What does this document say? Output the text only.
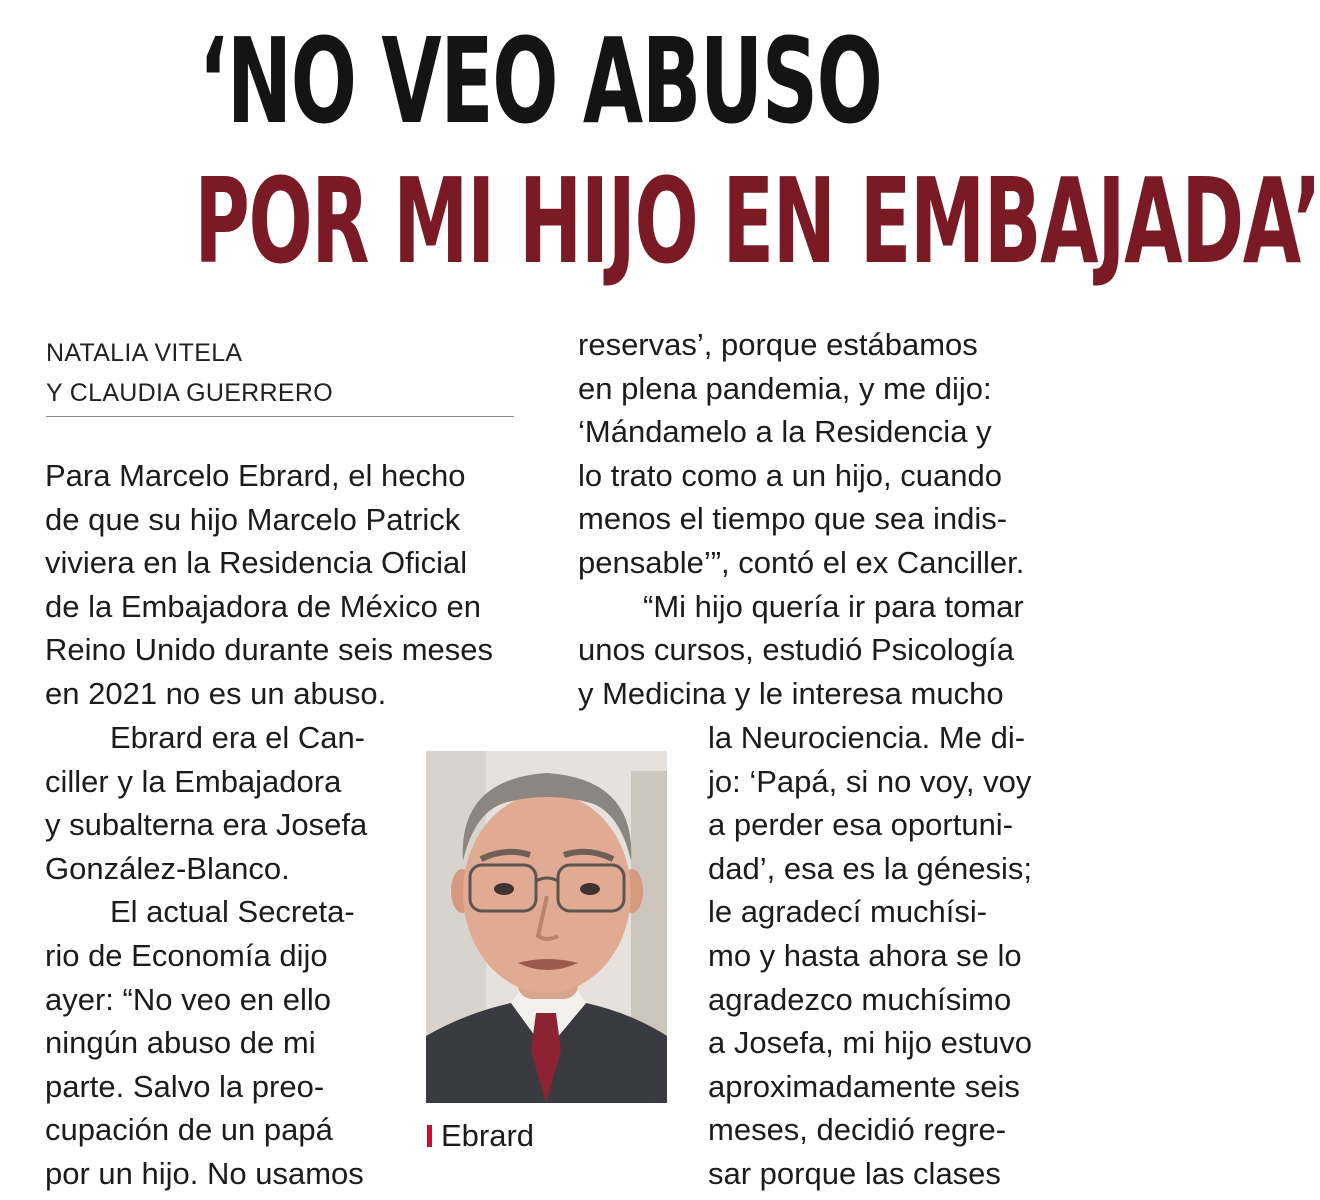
‘NO VEO ABUSO
POR MI HIJO EN EMBAJADA’
NATALIA VITELA
Y CLAUDIA GUERRERO

Para Marcelo Ebrard, el hecho

de que su hijo Marcelo Patrick

viviera en la Residencia Oficial

de la Embajadora de México en

Reino Unido durante seis meses

en 2021 no es un abuso.

Ebrard era el Can-

ciller y la Embajadora

y subalterna era Josefa

González-Blanco.

El actual Secreta-

rio de Economía dijo

ayer: “No veo en ello

ningún abuso de mi

parte. Salvo la preo-

cupación de un papá

por un hijo. No usamos

reservas’, porque estábamos

en plena pandemia, y me dijo:

‘Mándamelo a la Residencia y

lo trato como a un hijo, cuando

menos el tiempo que sea indis-

pensable’”, contó el ex Canciller.

“Mi hijo quería ir para tomar

unos cursos, estudió Psicología

y Medicina y le interesa mucho

la Neurociencia. Me di-

jo: ‘Papá, si no voy, voy

a perder esa oportuni-

dad’, esa es la génesis;

le agradecí muchísi-

mo y hasta ahora se lo

agradezco muchísimo

a Josefa, mi hijo estuvo

aproximadamente seis

meses, decidió regre-

sar porque las clases

Ebrard
